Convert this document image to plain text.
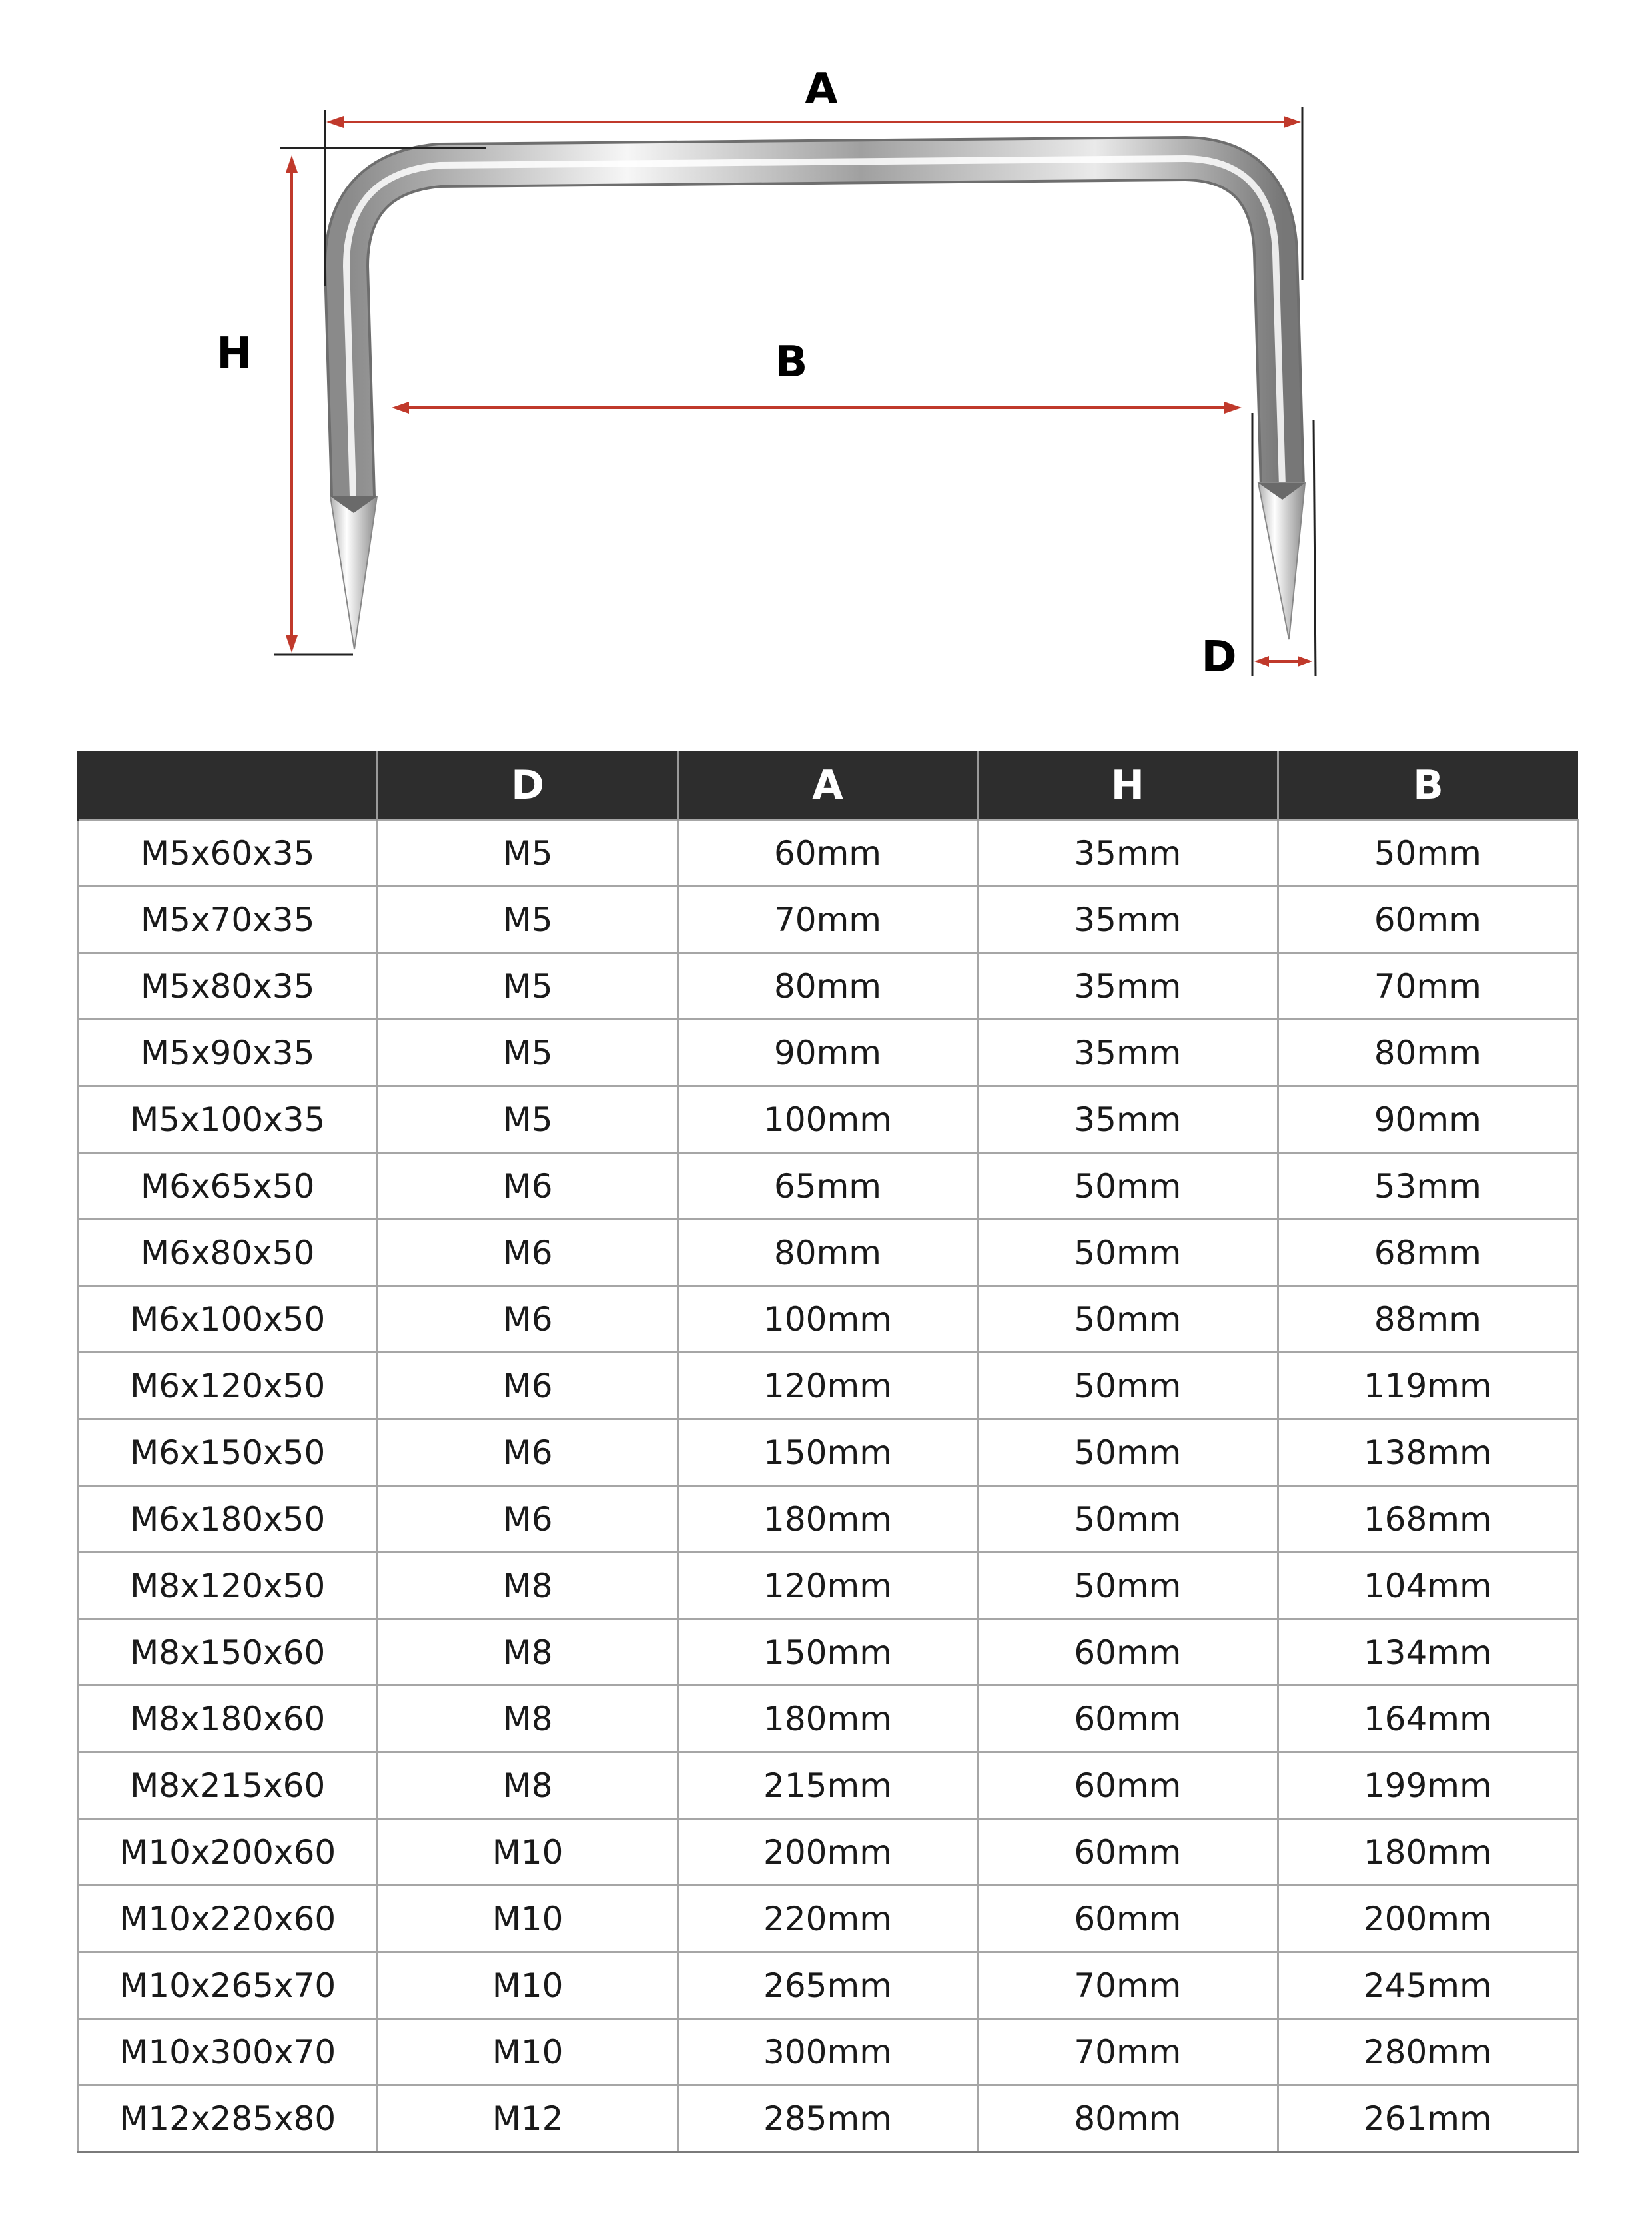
A
B
H
D
	D	A	H	B
M5x60x35	M5	60mm	35mm	50mm
M5x70x35	M5	70mm	35mm	60mm
M5x80x35	M5	80mm	35mm	70mm
M5x90x35	M5	90mm	35mm	80mm
M5x100x35	M5	100mm	35mm	90mm
M6x65x50	M6	65mm	50mm	53mm
M6x80x50	M6	80mm	50mm	68mm
M6x100x50	M6	100mm	50mm	88mm
M6x120x50	M6	120mm	50mm	119mm
M6x150x50	M6	150mm	50mm	138mm
M6x180x50	M6	180mm	50mm	168mm
M8x120x50	M8	120mm	50mm	104mm
M8x150x60	M8	150mm	60mm	134mm
M8x180x60	M8	180mm	60mm	164mm
M8x215x60	M8	215mm	60mm	199mm
M10x200x60	M10	200mm	60mm	180mm
M10x220x60	M10	220mm	60mm	200mm
M10x265x70	M10	265mm	70mm	245mm
M10x300x70	M10	300mm	70mm	280mm
M12x285x80	M12	285mm	80mm	261mm
